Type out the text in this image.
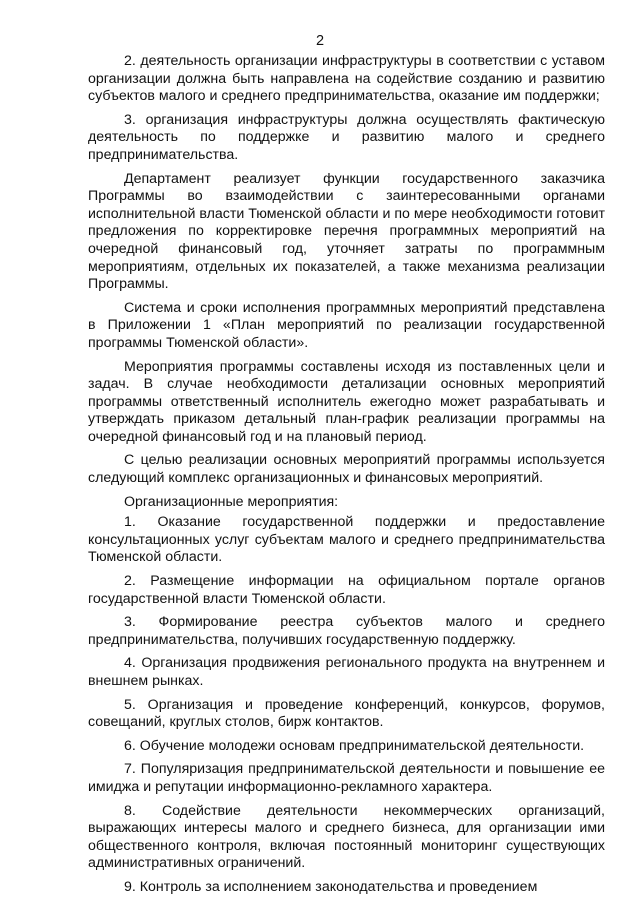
2

2. деятельность организации инфраструктуры в соответствии с уставом организации должна быть направлена на содействие созданию и развитию субъектов малого и среднего предпринимательства, оказание им поддержки;

3. организация инфраструктуры должна осуществлять фактическую деятельность по поддержке и развитию малого и среднего предпринимательства.

Департамент реализует функции государственного заказчика Программы во взаимодействии с заинтересованными органами исполнительной власти Тюменской области и по мере необходимости готовит предложения по корректировке перечня программных мероприятий на очередной финансовый год, уточняет затраты по программным мероприятиям, отдельных их показателей, а также механизма реализации Программы.

Система и сроки исполнения программных мероприятий представлена в Приложении 1 «План мероприятий по реализации государственной программы Тюменской области».

Мероприятия программы составлены исходя из поставленных цели и задач. В случае необходимости детализации основных мероприятий программы ответственный исполнитель ежегодно может разрабатывать и утверждать приказом детальный план-график реализации программы на очередной финансовый год и на плановый период.

С целью реализации основных мероприятий программы используется следующий комплекс организационных и финансовых мероприятий.

Организационные мероприятия:

1. Оказание государственной поддержки и предоставление консультационных услуг субъектам малого и среднего предпринимательства Тюменской области.

2. Размещение информации на официальном портале органов государственной власти Тюменской области.

3. Формирование реестра субъектов малого и среднего предпринимательства, получивших государственную поддержку.

4. Организация продвижения регионального продукта на внутреннем и внешнем рынках.

5. Организация и проведение конференций, конкурсов, форумов, совещаний, круглых столов, бирж контактов.

6. Обучение молодежи основам предпринимательской деятельности.

7. Популяризация предпринимательской деятельности и повышение ее имиджа и репутации информационно-рекламного характера.

8. Содействие деятельности некоммерческих организаций, выражающих интересы малого и среднего бизнеса, для организации ими общественного контроля, включая постоянный мониторинг существующих административных ограничений.

9. Контроль за исполнением законодательства и проведением
